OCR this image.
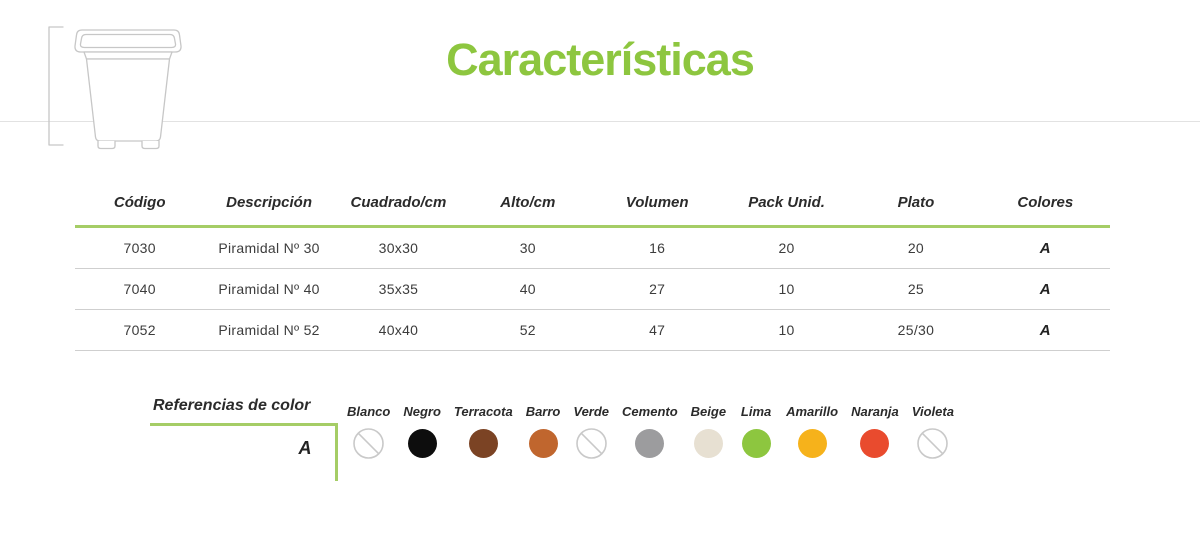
Características
Código	Descripción	Cuadrado/cm	Alto/cm	Volumen	Pack Unid.	Plato	Colores
7030	Piramidal Nº 30	30x30	30	16	20	20	A
7040	Piramidal Nº 40	35x35	40	27	10	25	A
7052	Piramidal Nº 52	40x40	52	47	10	25/30	A
Referencias de color
A
Blanco Negro Terracota Barro Verde Cemento Beige Lima Amarillo Naranja Violeta
